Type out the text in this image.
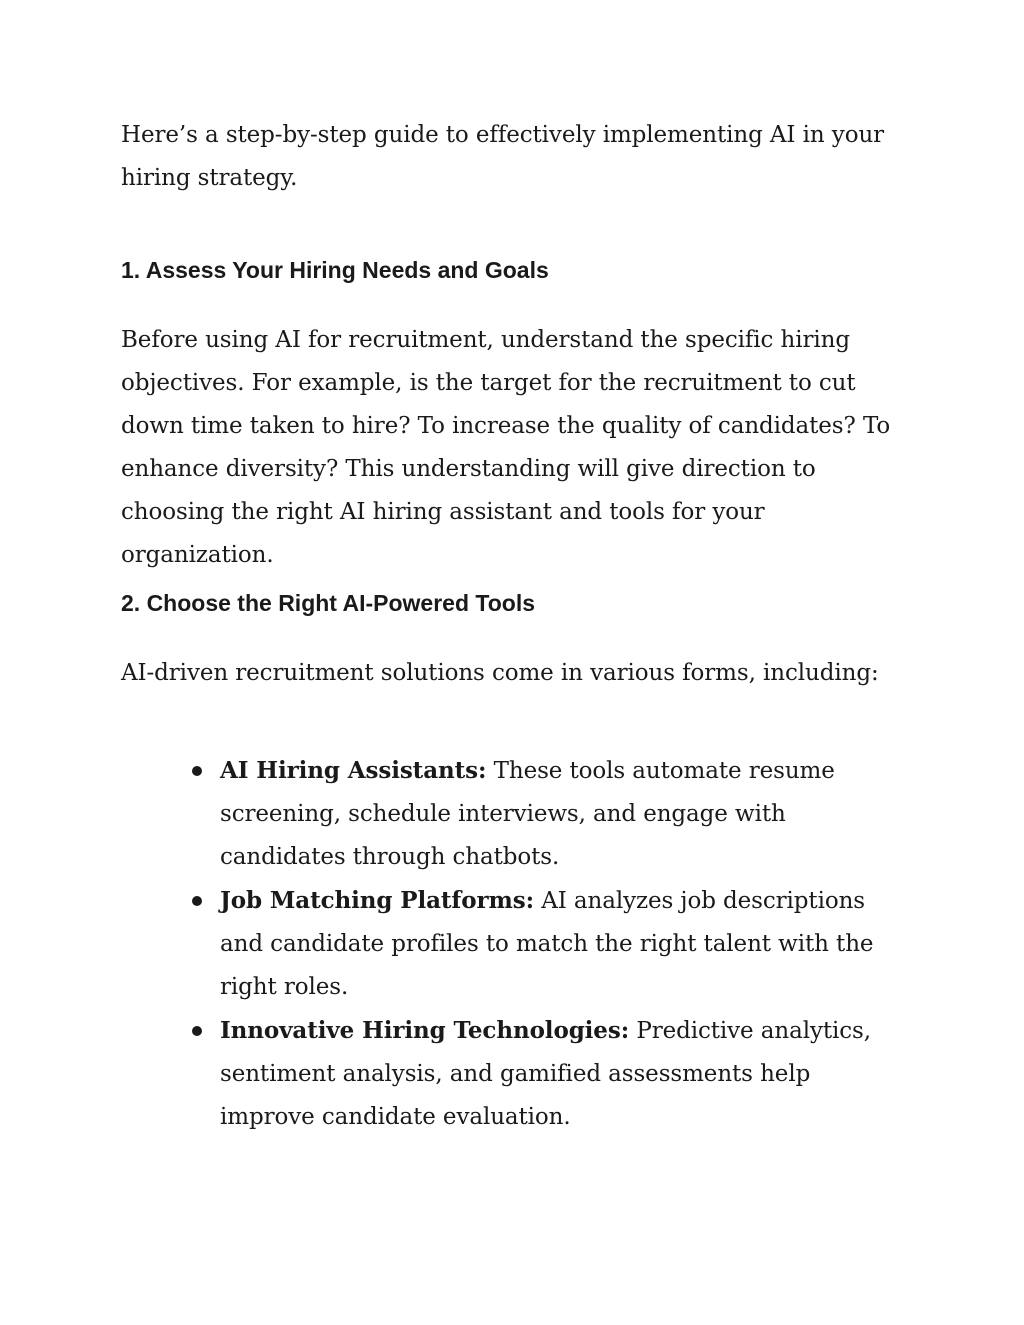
Here’s a step-by-step guide to effectively implementing AI in your hiring strategy.

1. Assess Your Hiring Needs and Goals

Before using AI for recruitment, understand the specific hiring objectives. For example, is the target for the recruitment to cut down time taken to hire? To increase the quality of candidates? To enhance diversity? This understanding will give direction to choosing the right AI hiring assistant and tools for your organization.

2. Choose the Right AI-Powered Tools

AI-driven recruitment solutions come in various forms, including:

AI Hiring Assistants: These tools automate resume screening, schedule interviews, and engage with candidates through chatbots.
Job Matching Platforms: AI analyzes job descriptions and candidate profiles to match the right talent with the right roles.
Innovative Hiring Technologies: Predictive analytics, sentiment analysis, and gamified assessments help improve candidate evaluation.
